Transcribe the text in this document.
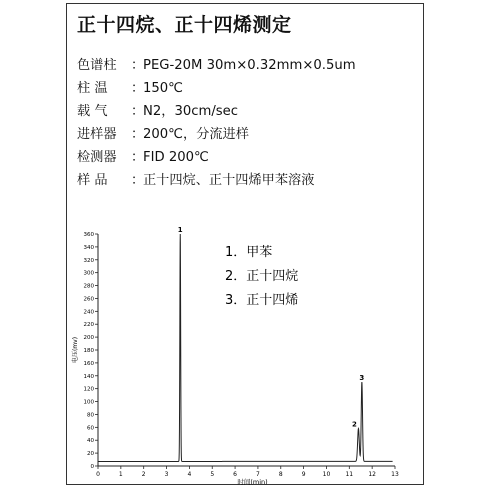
正十四烷、正十四烯测定
色谱柱 ：PEG-20M 30m×0.32mm×0.5um
柱 温 ：150℃
载 气 ：N2，30cm/sec
进样器 ：200℃，分流进样
检测器 ：FID 200℃
样 品 ：正十四烷、正十四烯甲苯溶液
0
20
40
60
80
100
120
140
160
180
200
220
240
260
280
300
320
340
360
0	1	2	3	4	5	6	7	8	9	10	11	12	13
1
2
3
1．甲苯
2．正十四烷
3．正十四烯
电压(mv)
时间(min)
